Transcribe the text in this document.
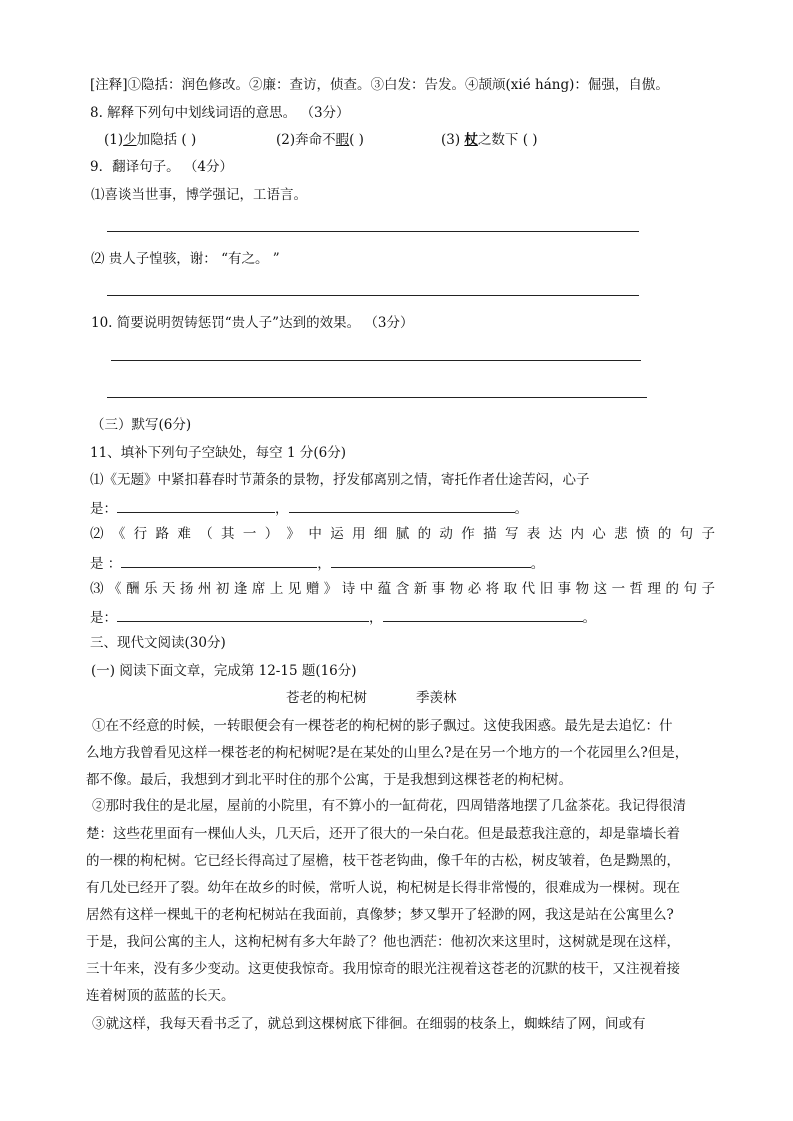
[注释]①隐括：润色修改。②廉：查访，侦查。③白发：告发。④颉颃(xié háng)：倔强，自傲。
8. 解释下列句中划线词语的意思。 （3分）
(1)少加隐括 ( )	(2)奔命不暇( )	(3) 杖之数下 ( )
9．翻译句子。 （4分）
⑴喜谈当世事，博学强记，工语言。
⑵ 贵人子惶骇，谢： “有之。 ”
10. 简要说明贺铸惩罚“贵人子”达到的效果。 （3分）
（三）默写(6分)
11、填补下列句子空缺处，每空 1 分(6分)
⑴《无题》中紧扣暮春时节萧条的景物，抒发郁离别之情，寄托作者仕途苦闷，心子
是：	，	。
⑵ 《 行 路 难 （ 其 一 ） 》 中 运 用 细 腻 的 动 作 描 写 表 达 内 心 悲 愤 的 句 子
是 ：	，	。
⑶《酬乐天扬州初逢席上见赠》诗中蕴含新事物必将取代旧事物这一哲理的句子
是：	，	。
三、现代文阅读(30分)
(一) 阅读下面文章，完成第 12-15 题(16分)
苍老的枸杞树	季羡林
①在不经意的时候，一转眼便会有一棵苍老的枸杞树的影子飘过。这使我困惑。最先是去追忆：什
么地方我曾看见这样一棵苍老的枸杞树呢?是在某处的山里么?是在另一个地方的一个花园里么?但是，
都不像。最后，我想到才到北平时住的那个公寓，于是我想到这棵苍老的枸杞树。
②那时我住的是北屋，屋前的小院里，有不算小的一缸荷花，四周错落地摆了几盆茶花。我记得很清
楚：这些花里面有一棵仙人头，几天后，还开了很大的一朵白花。但是最惹我注意的，却是靠墙长着
的一棵的枸杞树。它已经长得高过了屋檐，枝干苍老钩曲，像千年的古松，树皮皱着，色是黝黑的，
有几处已经开了裂。幼年在故乡的时候，常听人说，枸杞树是长得非常慢的，很难成为一棵树。现在
居然有这样一棵虬干的老枸杞树站在我面前，真像梦；梦又掣开了轻渺的网，我这是站在公寓里么?
于是，我问公寓的主人，这枸杞树有多大年龄了？他也洒茫：他初次来这里时，这树就是现在这样，
三十年来，没有多少变动。这更使我惊奇。我用惊奇的眼光注视着这苍老的沉默的枝干，又注视着接
连着树顶的蓝蓝的长天。
③就这样，我每天看书乏了，就总到这棵树底下徘徊。在细弱的枝条上，蜘蛛结了网，间或有
